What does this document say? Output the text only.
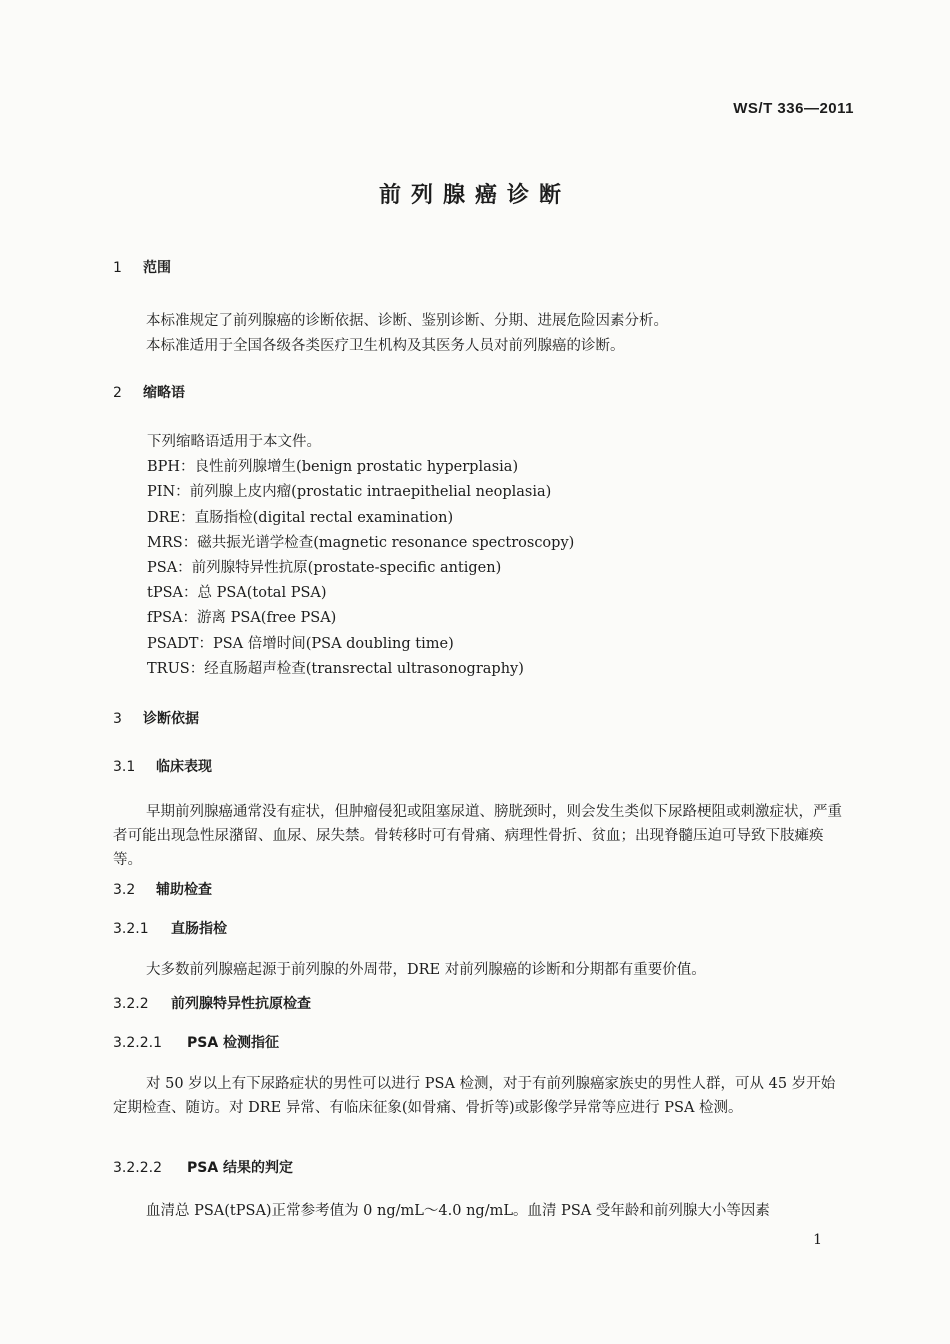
WS/T 336—2011
前列腺癌诊断
1 范围
本标准规定了前列腺癌的诊断依据、诊断、鉴别诊断、分期、进展危险因素分析。
本标准适用于全国各级各类医疗卫生机构及其医务人员对前列腺癌的诊断。
2 缩略语
下列缩略语适用于本文件。
BPH：良性前列腺增生(benign prostatic hyperplasia)
PIN：前列腺上皮内瘤(prostatic intraepithelial neoplasia)
DRE：直肠指检(digital rectal examination)
MRS：磁共振光谱学检查(magnetic resonance spectroscopy)
PSA：前列腺特异性抗原(prostate-specific antigen)
tPSA：总 PSA(total PSA)
fPSA：游离 PSA(free PSA)
PSADT：PSA 倍增时间(PSA doubling time)
TRUS：经直肠超声检查(transrectal ultrasonography)
3 诊断依据
3.1 临床表现
早期前列腺癌通常没有症状，但肿瘤侵犯或阻塞尿道、膀胱颈时，则会发生类似下尿路梗阻或刺激症状，严重者可能出现急性尿潴留、血尿、尿失禁。骨转移时可有骨痛、病理性骨折、贫血；出现脊髓压迫可导致下肢瘫痪等。
3.2 辅助检查
3.2.1 直肠指检
大多数前列腺癌起源于前列腺的外周带，DRE 对前列腺癌的诊断和分期都有重要价值。
3.2.2 前列腺特异性抗原检查
3.2.2.1 PSA 检测指征
对 50 岁以上有下尿路症状的男性可以进行 PSA 检测，对于有前列腺癌家族史的男性人群，可从 45 岁开始定期检查、随访。对 DRE 异常、有临床征象(如骨痛、骨折等)或影像学异常等应进行 PSA 检测。
3.2.2.2 PSA 结果的判定
血清总 PSA(tPSA)正常参考值为 0 ng/mL～4.0 ng/mL。血清 PSA 受年龄和前列腺大小等因素
1
